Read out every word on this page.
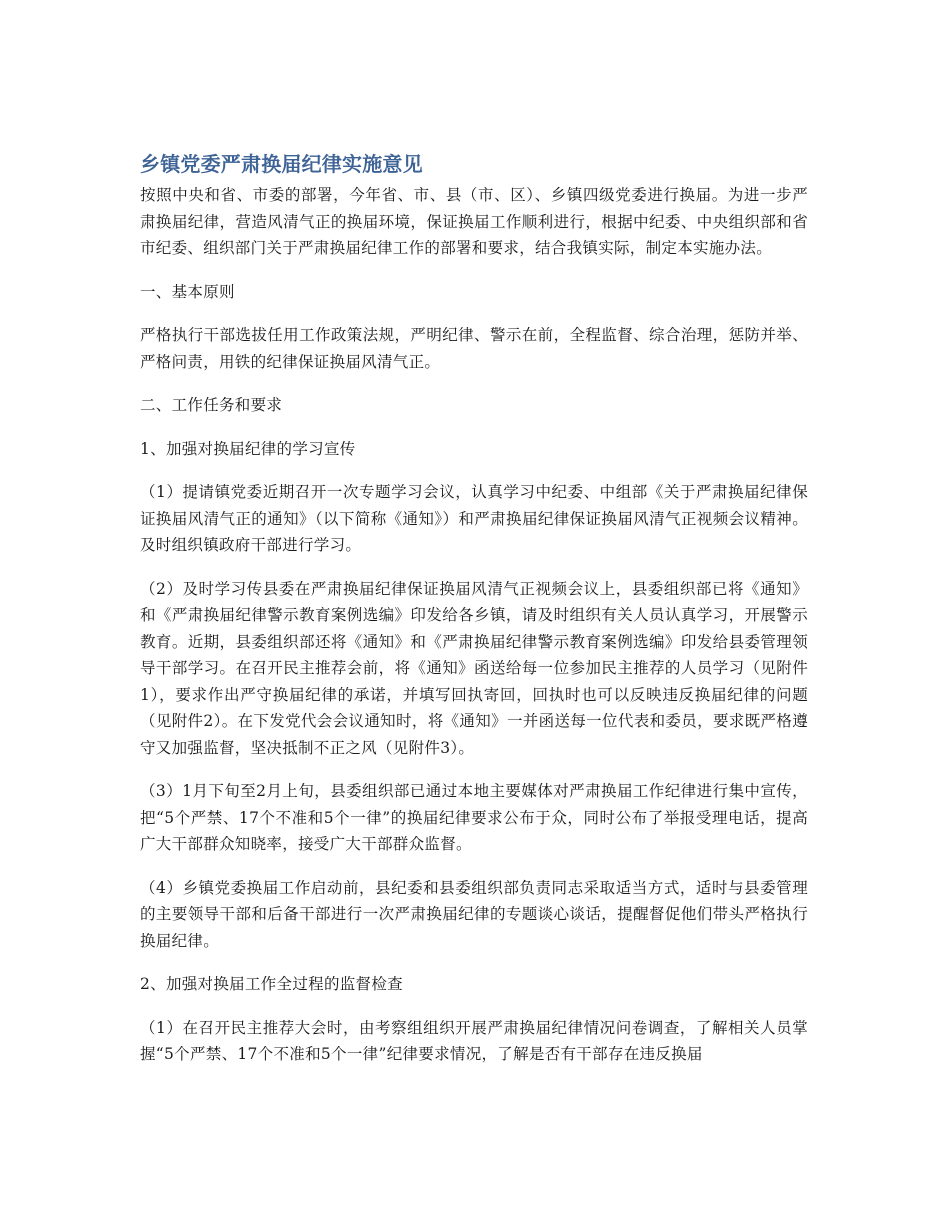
乡镇党委严肃换届纪律实施意见

按照中央和省、市委的部署，今年省、市、县（市、区）、乡镇四级党委进行换届。为进一步严肃换届纪律，营造风清气正的换届环境，保证换届工作顺利进行，根据中纪委、中央组织部和省市纪委、组织部门关于严肃换届纪律工作的部署和要求，结合我镇实际，制定本实施办法。

一、基本原则

严格执行干部选拔任用工作政策法规，严明纪律、警示在前，全程监督、综合治理，惩防并举、严格问责，用铁的纪律保证换届风清气正。

二、工作任务和要求

1、加强对换届纪律的学习宣传

（1）提请镇党委近期召开一次专题学习会议，认真学习中纪委、中组部《关于严肃换届纪律保证换届风清气正的通知》（以下简称《通知》）和严肃换届纪律保证换届风清气正视频会议精神。及时组织镇政府干部进行学习。

（2）及时学习传县委在严肃换届纪律保证换届风清气正视频会议上，县委组织部已将《通知》和《严肃换届纪律警示教育案例选编》印发给各乡镇，请及时组织有关人员认真学习，开展警示教育。近期，县委组织部还将《通知》和《严肃换届纪律警示教育案例选编》印发给县委管理领导干部学习。在召开民主推荐会前，将《通知》函送给每一位参加民主推荐的人员学习（见附件1），要求作出严守换届纪律的承诺，并填写回执寄回，回执时也可以反映违反换届纪律的问题（见附件2）。在下发党代会会议通知时，将《通知》一并函送每一位代表和委员，要求既严格遵守又加强监督，坚决抵制不正之风（见附件3）。

（3）1月下旬至2月上旬，县委组织部已通过本地主要媒体对严肃换届工作纪律进行集中宣传，把“5个严禁、17个不准和5个一律”的换届纪律要求公布于众，同时公布了举报受理电话，提高广大干部群众知晓率，接受广大干部群众监督。

（4）乡镇党委换届工作启动前，县纪委和县委组织部负责同志采取适当方式，适时与县委管理的主要领导干部和后备干部进行一次严肃换届纪律的专题谈心谈话，提醒督促他们带头严格执行换届纪律。

2、加强对换届工作全过程的监督检查

（1）在召开民主推荐大会时，由考察组组织开展严肃换届纪律情况问卷调查，了解相关人员掌握“5个严禁、17个不准和5个一律”纪律要求情况，了解是否有干部存在违反换届
